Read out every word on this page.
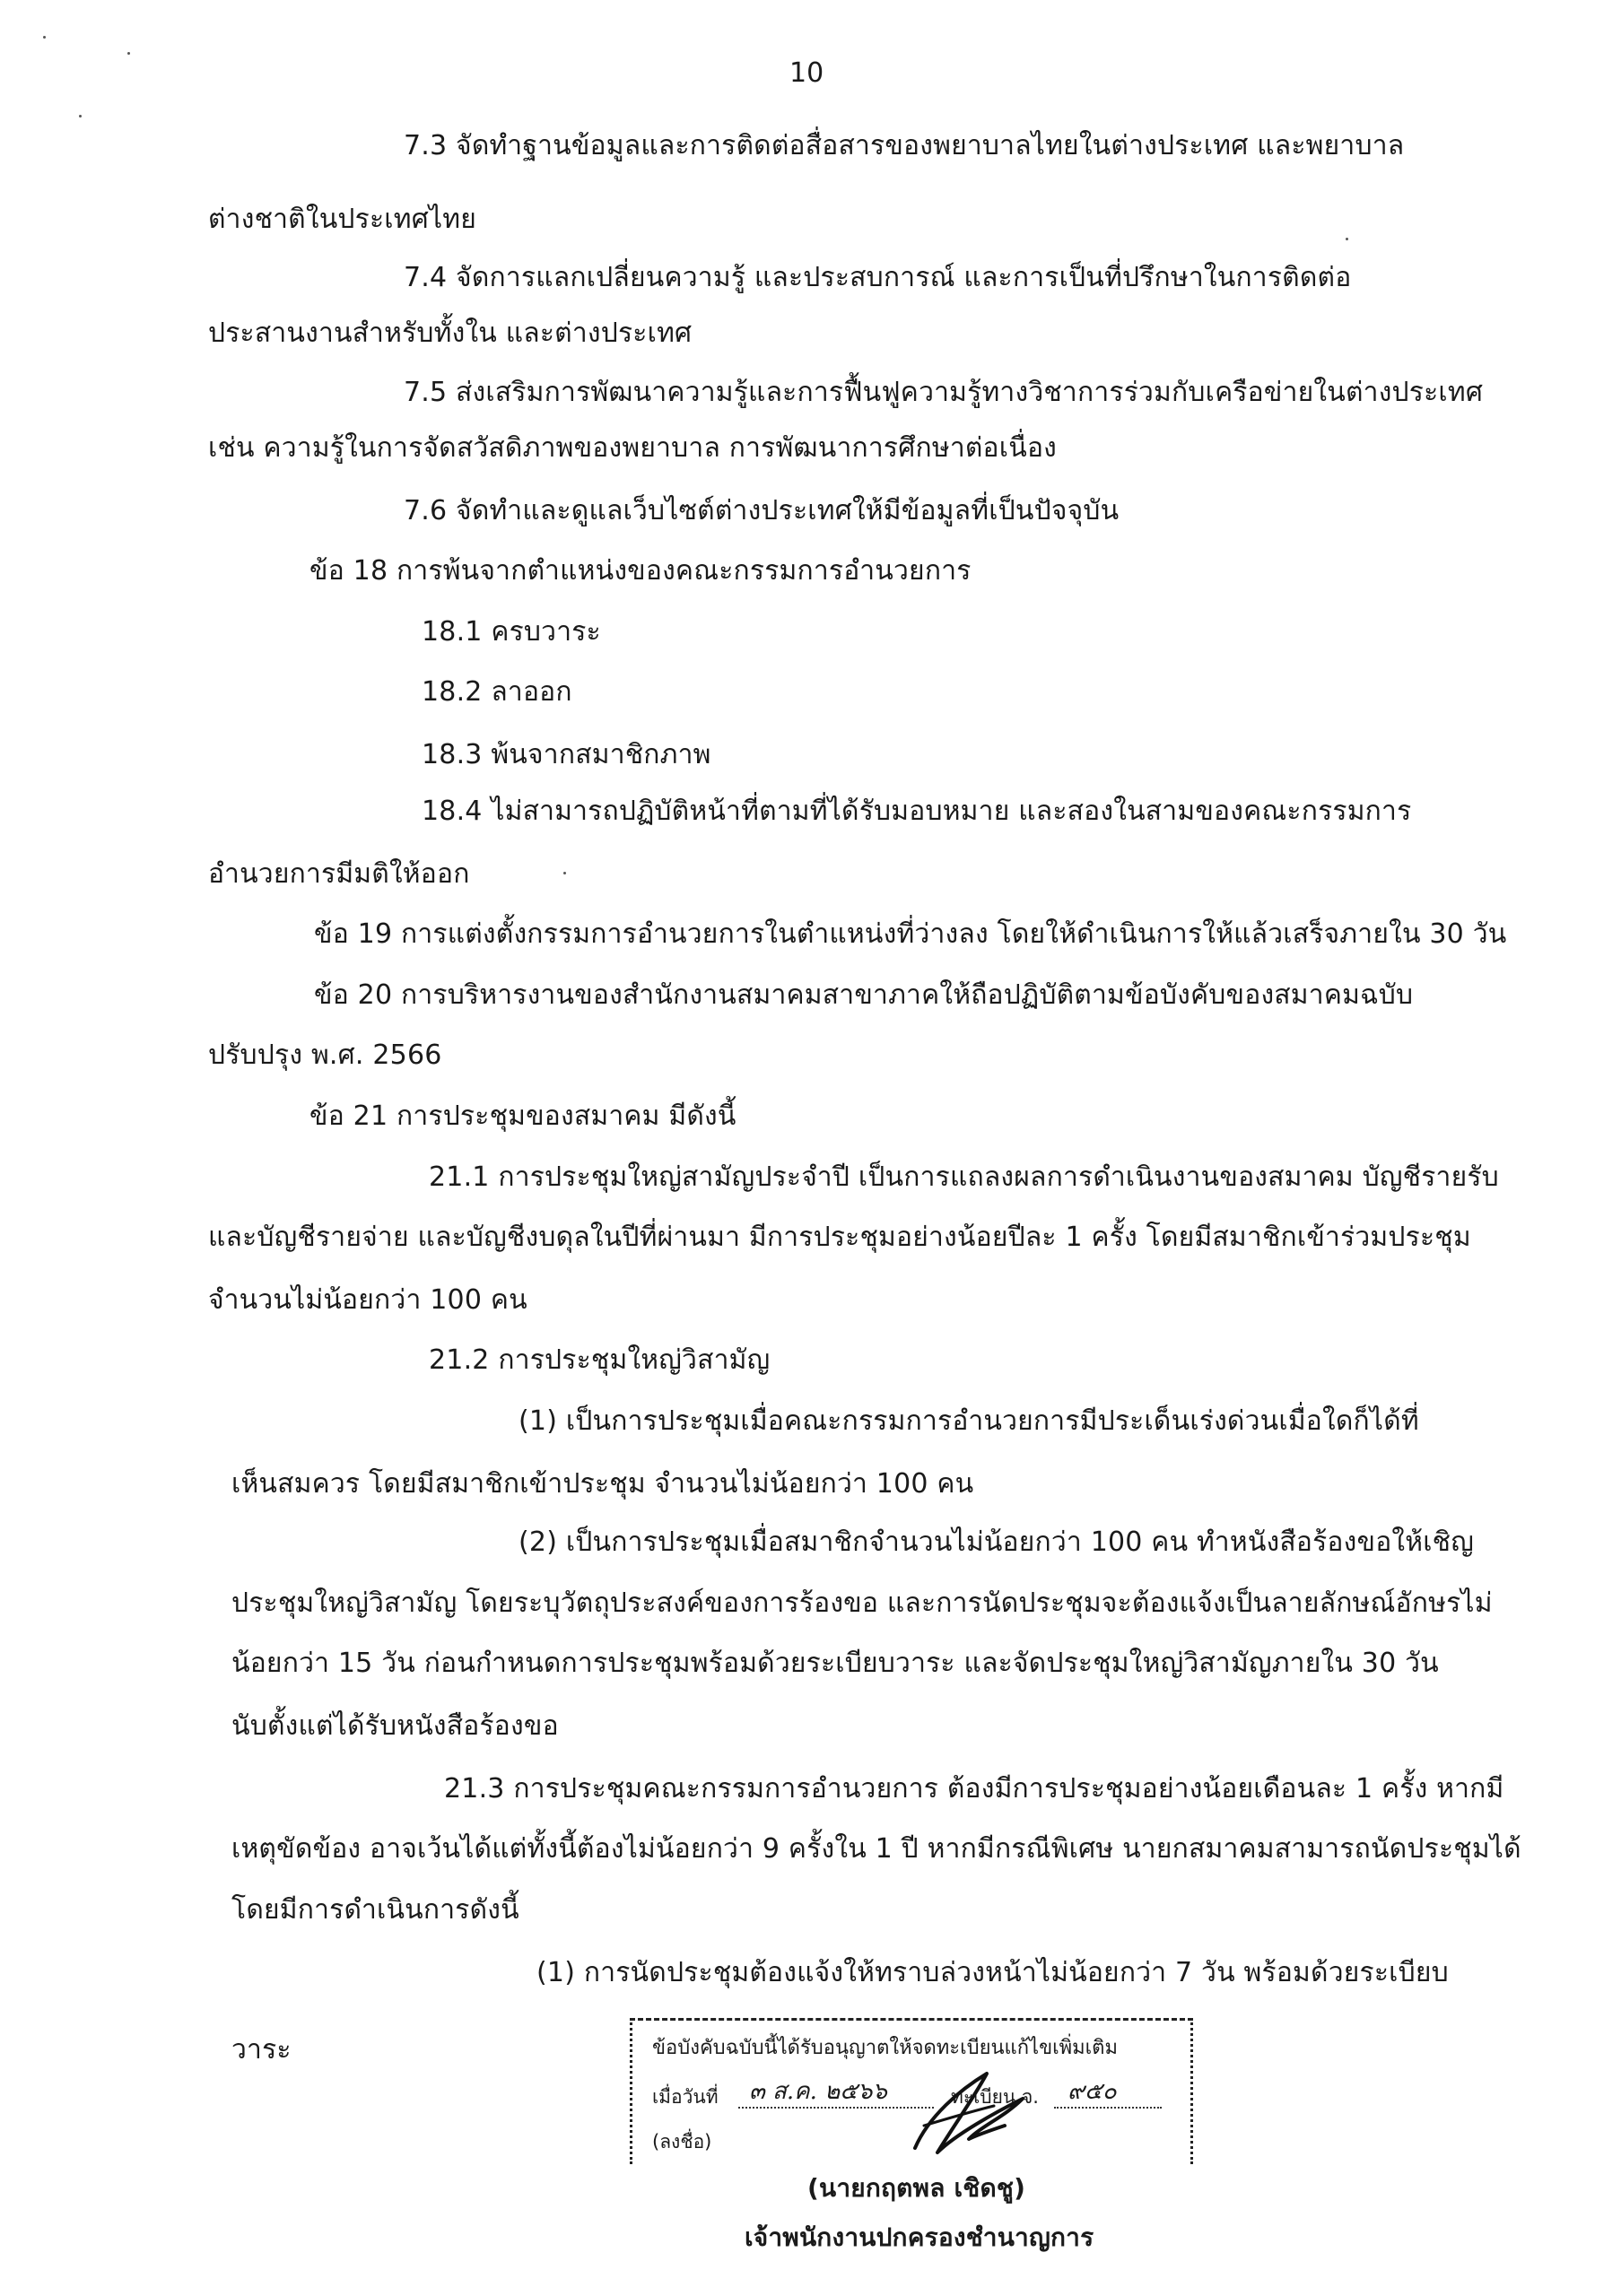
10
7.3 จัดทำฐานข้อมูลและการติดต่อสื่อสารของพยาบาลไทยในต่างประเทศ และพยาบาล
ต่างชาติในประเทศไทย
7.4 จัดการแลกเปลี่ยนความรู้ และประสบการณ์ และการเป็นที่ปรึกษาในการติดต่อ
ประสานงานสำหรับทั้งใน และต่างประเทศ
7.5 ส่งเสริมการพัฒนาความรู้และการฟื้นฟูความรู้ทางวิชาการร่วมกับเครือข่ายในต่างประเทศ
เช่น ความรู้ในการจัดสวัสดิภาพของพยาบาล การพัฒนาการศึกษาต่อเนื่อง
7.6 จัดทำและดูแลเว็บไซต์ต่างประเทศให้มีข้อมูลที่เป็นปัจจุบัน
ข้อ 18 การพ้นจากตำแหน่งของคณะกรรมการอำนวยการ
18.1 ครบวาระ
18.2 ลาออก
18.3 พ้นจากสมาชิกภาพ
18.4 ไม่สามารถปฏิบัติหน้าที่ตามที่ได้รับมอบหมาย และสองในสามของคณะกรรมการ
อำนวยการมีมติให้ออก
ข้อ 19 การแต่งตั้งกรรมการอำนวยการในตำแหน่งที่ว่างลง โดยให้ดำเนินการให้แล้วเสร็จภายใน 30 วัน
ข้อ 20 การบริหารงานของสำนักงานสมาคมสาขาภาคให้ถือปฏิบัติตามข้อบังคับของสมาคมฉบับ
ปรับปรุง พ.ศ. 2566
ข้อ 21 การประชุมของสมาคม มีดังนี้
21.1 การประชุมใหญ่สามัญประจำปี เป็นการแถลงผลการดำเนินงานของสมาคม บัญชีรายรับ
และบัญชีรายจ่าย และบัญชีงบดุลในปีที่ผ่านมา มีการประชุมอย่างน้อยปีละ 1 ครั้ง โดยมีสมาชิกเข้าร่วมประชุม
จำนวนไม่น้อยกว่า 100 คน
21.2 การประชุมใหญ่วิสามัญ
(1) เป็นการประชุมเมื่อคณะกรรมการอำนวยการมีประเด็นเร่งด่วนเมื่อใดก็ได้ที่
เห็นสมควร โดยมีสมาชิกเข้าประชุม จำนวนไม่น้อยกว่า 100 คน
(2) เป็นการประชุมเมื่อสมาชิกจำนวนไม่น้อยกว่า 100 คน ทำหนังสือร้องขอให้เชิญ
ประชุมใหญ่วิสามัญ โดยระบุวัตถุประสงค์ของการร้องขอ และการนัดประชุมจะต้องแจ้งเป็นลายลักษณ์อักษรไม่
น้อยกว่า 15 วัน ก่อนกำหนดการประชุมพร้อมด้วยระเบียบวาระ และจัดประชุมใหญ่วิสามัญภายใน 30 วัน
นับตั้งแต่ได้รับหนังสือร้องขอ
21.3 การประชุมคณะกรรมการอำนวยการ ต้องมีการประชุมอย่างน้อยเดือนละ 1 ครั้ง หากมี
เหตุขัดข้อง อาจเว้นได้แต่ทั้งนี้ต้องไม่น้อยกว่า 9 ครั้งใน 1 ปี หากมีกรณีพิเศษ นายกสมาคมสามารถนัดประชุมได้
โดยมีการดำเนินการดังนี้
(1) การนัดประชุมต้องแจ้งให้ทราบล่วงหน้าไม่น้อยกว่า 7 วัน พร้อมด้วยระเบียบ
วาระ	ข้อบังคับฉบับนี้ได้รับอนุญาตให้จดทะเบียนแก้ไขเพิ่มเติม
เมื่อวันที่ ๓ ส.ค. ๒๕๖๖	ทะเบียน จ. ๙๕๐
(ลงชื่อ)
(นายกฤตพล เชิดชู)
เจ้าพนักงานปกครองชำนาญการ
